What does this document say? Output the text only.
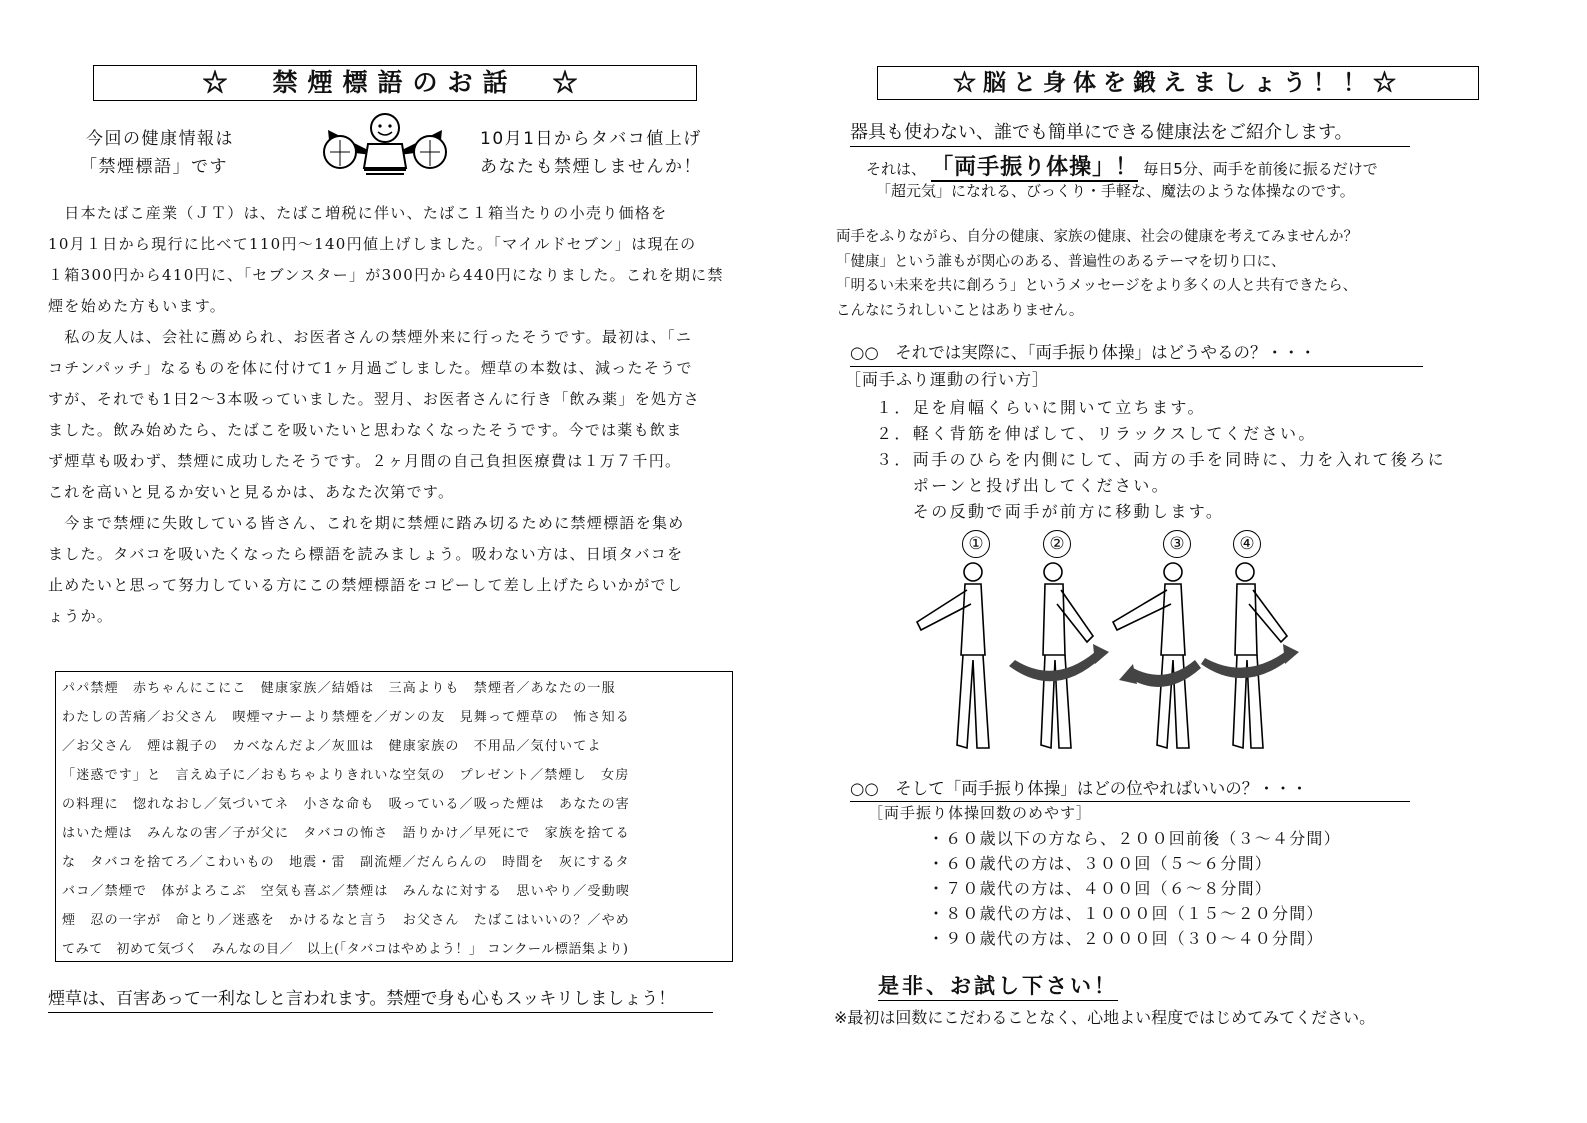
☆　禁煙標語のお話　☆
今回の健康情報は
「禁煙標語」です
10月1日からタバコ値上げ
あなたも禁煙しませんか！

　日本たばこ産業（ＪＴ）は、たばこ増税に伴い、たばこ１箱当たりの小売り価格を
10月１日から現行に比べて110円～140円値上げしました。「マイルドセブン」は現在の
１箱300円から410円に、「セブンスター」が300円から440円になりました。これを期に禁
煙を始めた方もいます。

　私の友人は、会社に薦められ、お医者さんの禁煙外来に行ったそうです。最初は、「ニ
コチンパッチ」なるものを体に付けて1ヶ月過ごしました。煙草の本数は、減ったそうで
すが、それでも1日2～3本吸っていました。翌月、お医者さんに行き「飲み薬」を処方さ
ました。飲み始めたら、たばこを吸いたいと思わなくなったそうです。今では薬も飲ま
ず煙草も吸わず、禁煙に成功したそうです。２ヶ月間の自己負担医療費は１万７千円。
これを高いと見るか安いと見るかは、あなた次第です。

　今まで禁煙に失敗している皆さん、これを期に禁煙に踏み切るために禁煙標語を集め
ました。タバコを吸いたくなったら標語を読みましょう。吸わない方は、日頃タバコを
止めたいと思って努力している方にこの禁煙標語をコピーして差し上げたらいかがでし
ょうか。

パパ禁煙　赤ちゃんにこにこ　健康家族／結婚は　三高よりも　禁煙者／あなたの一服
わたしの苦痛／お父さん　喫煙マナーより禁煙を／ガンの友　見舞って煙草の　怖さ知る
／お父さん　煙は親子の　カベなんだよ／灰皿は　健康家族の　不用品／気付いてよ
「迷惑です」と　言えぬ子に／おもちゃよりきれいな空気の　プレゼント／禁煙し　女房
の料理に　惚れなおし／気づいてネ　小さな命も　吸っている／吸った煙は　あなたの害
はいた煙は　みんなの害／子が父に　タバコの怖さ　語りかけ／早死にで　家族を捨てる
な　タバコを捨てろ／こわいもの　地震・雷　副流煙／だんらんの　時間を　灰にするタ
バコ／禁煙で　体がよろこぶ　空気も喜ぶ／禁煙は　みんなに対する　思いやり／受動喫
煙　忍の一字が　命とり／迷惑を　かけるなと言う　お父さん　たばこはいいの？／やめ
てみて　初めて気づく　みんなの目／　以上(「タバコはやめよう！」 コンクール標語集より)
煙草は、百害あって一利なしと言われます。禁煙で身も心もスッキリしましょう！
☆脳と身体を鍛えましょう！！☆
器具も使わない、誰でも簡単にできる健康法をご紹介します。
それは、 「両手振り体操」！ 毎日5分、両手を前後に振るだけで
「超元気」になれる、びっくり・手軽な、魔法のような体操なのです。
両手をふりながら、自分の健康、家族の健康、社会の健康を考えてみませんか？
「健康」という誰もが関心のある、普遍性のあるテーマを切り口に、
「明るい未来を共に創ろう」というメッセージをより多くの人と共有できたら、
こんなにうれしいことはありません。
○○　それでは実際に、「両手振り体操」はどうやるの？・・・
［両手ふり運動の行い方］
１．足を肩幅くらいに開いて立ちます。
２．軽く背筋を伸ばして、リラックスしてください。
３．両手のひらを内側にして、両方の手を同時に、力を入れて後ろに
　　ポーンと投げ出してください。
　　その反動で両手が前方に移動します。
①	②	③	④
○○　そして「両手振り体操」はどの位やればいいの？・・・
［両手振り体操回数のめやす］
・６０歳以下の方なら、２００回前後（３～４分間）
・６０歳代の方は、３００回（５～６分間）
・７０歳代の方は、４００回（６～８分間）
・８０歳代の方は、１０００回（１５～２０分間）
・９０歳代の方は、２０００回（３０～４０分間）
是非、お試し下さい！
※最初は回数にこだわることなく、心地よい程度ではじめてみてください。
